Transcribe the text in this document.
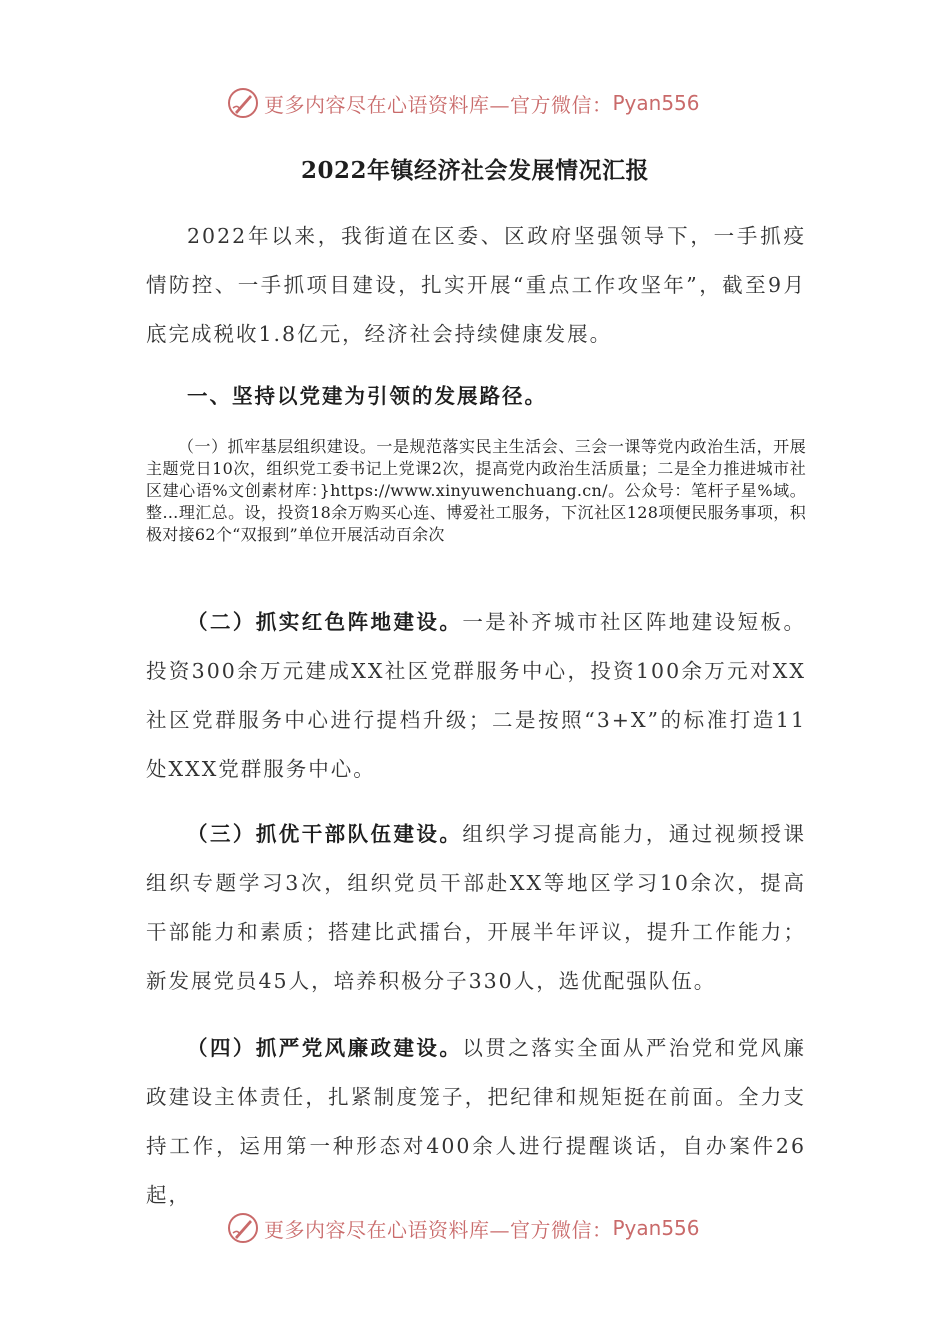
更多内容尽在心语资料库—官方微信： Pyan556
2022年镇经济社会发展情况汇报

2022年以来，我街道在区委、区政府坚强领导下，一手抓疫情防控、一手抓项目建设，扎实开展“重点工作攻坚年”，截至9月底完成税收1.8亿元，经济社会持续健康发展。

一、坚持以党建为引领的发展路径。

（一）抓牢基层组织建设。一是规范落实民主生活会、三会一课等党内政治生活，开展主题党日10次，组织党工委书记上党课2次，提高党内政治生活质量；二是全力推进城市社区建心语%文创素材库：}https://www.xinyuwenchuang.cn/。公众号：笔杆子星%域。整…理汇总。设，投资18余万购买心连、博爱社工服务，下沉社区128项便民服务事项，积极对接62个“双报到”单位开展活动百余次

（二）抓实红色阵地建设。一是补齐城市社区阵地建设短板。投资300余万元建成XX社区党群服务中心，投资100余万元对XX社区党群服务中心进行提档升级；二是按照“3+X”的标准打造11处XXX党群服务中心。

（三）抓优干部队伍建设。组织学习提高能力，通过视频授课组织专题学习3次，组织党员干部赴XX等地区学习10余次，提高干部能力和素质；搭建比武擂台，开展半年评议，提升工作能力；新发展党员45人，培养积极分子330人，选优配强队伍。

（四）抓严党风廉政建设。以贯之落实全面从严治党和党风廉政建设主体责任，扎紧制度笼子，把纪律和规矩挺在前面。全力支持工作，运用第一种形态对400余人进行提醒谈话，自办案件26起，

更多内容尽在心语资料库—官方微信： Pyan556
